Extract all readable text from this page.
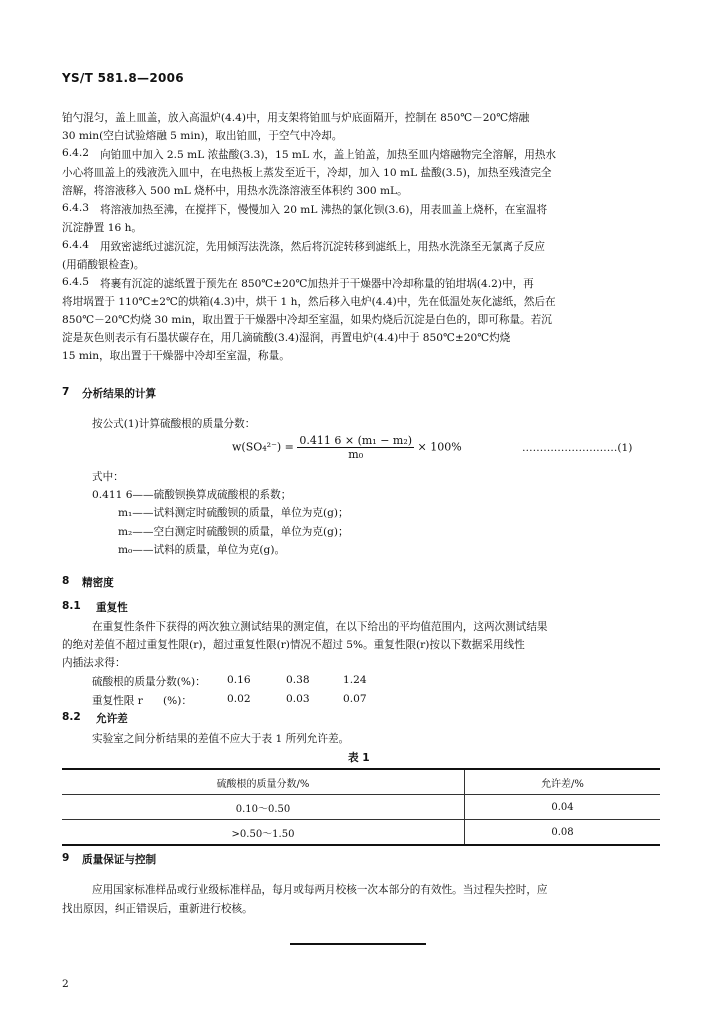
YS/T 581.8—2006
铂勺混匀，盖上皿盖，放入高温炉(4.4)中，用支架将铂皿与炉底面隔开，控制在 850℃－20℃熔融
30 min(空白试验熔融 5 min)，取出铂皿，于空气中冷却。
6.4.2 向铂皿中加入 2.5 mL 浓盐酸(3.3)，15 mL 水，盖上铂盖，加热至皿内熔融物完全溶解，用热水
小心将皿盖上的残液洗入皿中，在电热板上蒸发至近干，冷却，加入 10 mL 盐酸(3.5)，加热至残渣完全
溶解，将溶液移入 500 mL 烧杯中，用热水洗涤溶液至体积约 300 mL。
6.4.3 将溶液加热至沸，在搅拌下，慢慢加入 20 mL 沸热的氯化钡(3.6)，用表皿盖上烧杯，在室温将
沉淀静置 16 h。
6.4.4 用致密滤纸过滤沉淀，先用倾泻法洗涤，然后将沉淀转移到滤纸上，用热水洗涤至无氯离子反应
(用硝酸银检查)。
6.4.5 将裹有沉淀的滤纸置于预先在 850℃±20℃加热并于干燥器中冷却称量的铂坩埚(4.2)中，再
将坩埚置于 110℃±2℃的烘箱(4.3)中，烘干 1 h，然后移入电炉(4.4)中，先在低温处灰化滤纸，然后在
850℃－20℃灼烧 30 min，取出置于干燥器中冷却至室温，如果灼烧后沉淀是白色的，即可称量。若沉
淀是灰色则表示有石墨状碳存在，用几滴硫酸(3.4)湿润，再置电炉(4.4)中于 850℃±20℃灼烧
15 min，取出置于干燥器中冷却至室温，称量。
7 分析结果的计算
按公式(1)计算硫酸根的质量分数：
$w(SO_4^{2-}) = \frac{\text{0.411 6 × (m₁ − m₂)}}{\text{m₀}} \times 100\%$	………………………(1)
式中：
0.411 6——硫酸钡换算成硫酸根的系数；
m₁——试料测定时硫酸钡的质量，单位为克(g)；
m₂——空白测定时硫酸钡的质量，单位为克(g)；
m₀——试料的质量，单位为克(g)。
8 精密度
8.1 重复性
在重复性条件下获得的两次独立测试结果的测定值，在以下给出的平均值范围内，这两次测试结果
的绝对差值不超过重复性限(r)，超过重复性限(r)情况不超过 5%。重复性限(r)按以下数据采用线性
内插法求得：
硫酸根的质量分数(%)： 0.16	0.38	1.24
重复性限 r      (%)：	0.02	0.03	0.07
8.2 允许差
实验室之间分析结果的差值不应大于表 1 所列允许差。
表 1
硫酸根的质量分数/%	允许差/%
0.10～0.50	0.04
>0.50～1.50	0.08
9 质量保证与控制
应用国家标准样品或行业级标准样品，每月或每两月校核一次本部分的有效性。当过程失控时，应
找出原因，纠正错误后，重新进行校核。
2
